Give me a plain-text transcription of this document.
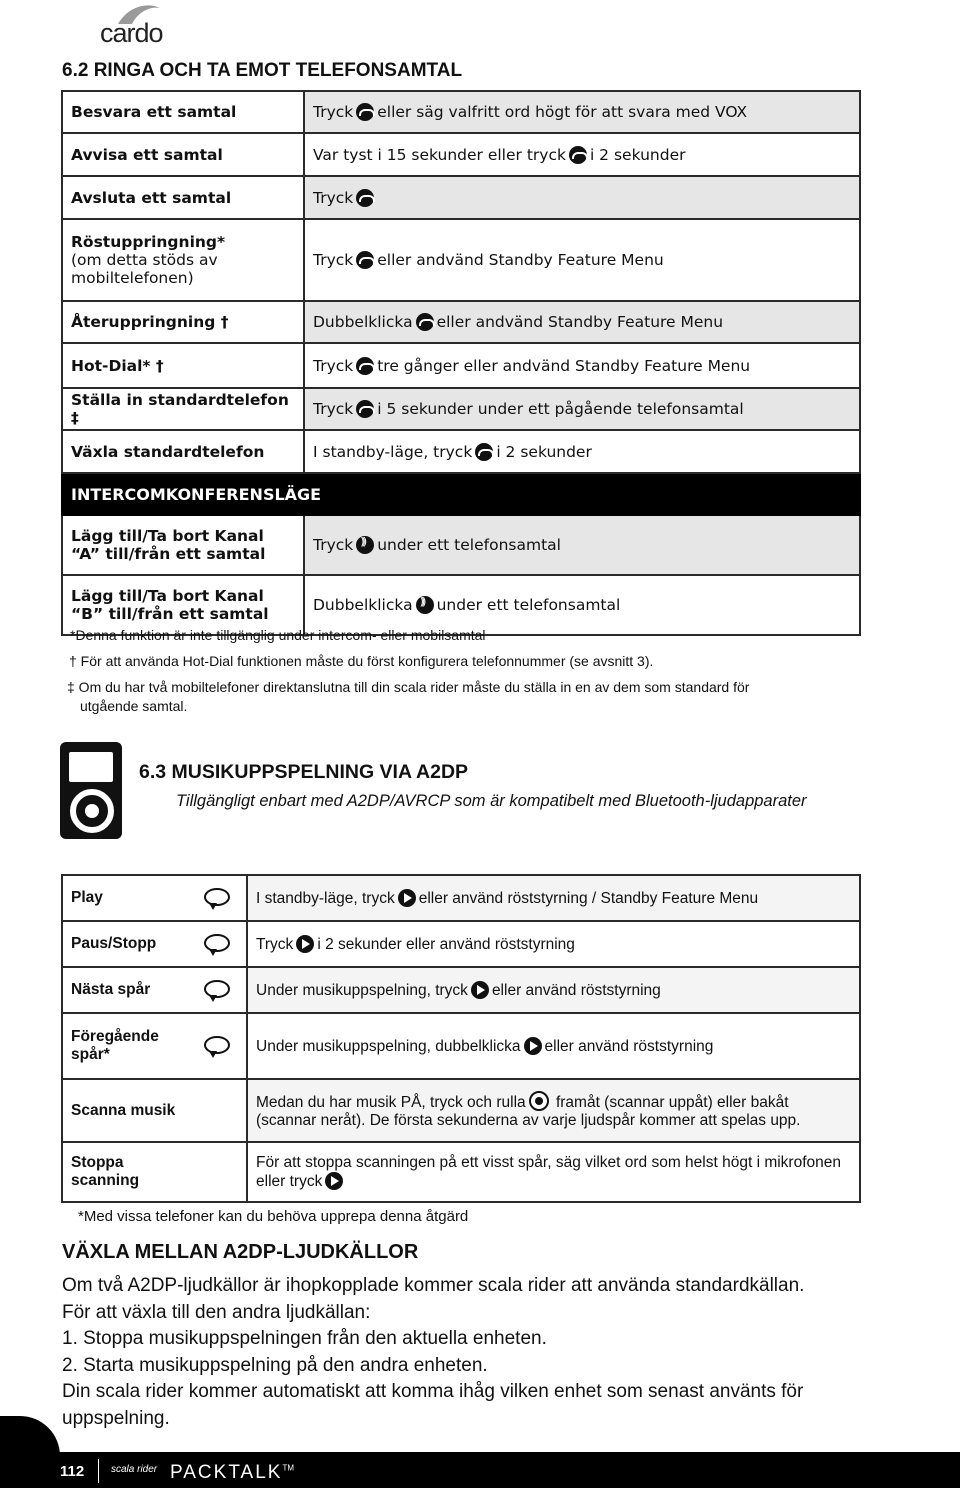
cardo
6.2 RINGA OCH TA EMOT TELEFONSAMTAL
Besvara ett samtal	Tryck eller säg valfritt ord högt för att svara med VOX

Avvisa ett samtal	Var tyst i 15 sekunder eller tryck i 2 sekunder

Avsluta ett samtal	Tryck

Röstuppringning*
(om detta stöds av mobiltelefonen)	Tryck eller andvänd Standby Feature Menu

Återuppringning †	Dubbelklicka eller andvänd Standby Feature Menu

Hot-Dial* †	Tryck tre gånger eller andvänd Standby Feature Menu

Ställa in standardtelefon ‡	Tryck i 5 sekunder under ett pågående telefonsamtal

Växla standardtelefon	I standby-läge, tryck i 2 sekunder
INTERCOMKONFERENSLÄGE	
Lägg till/Ta bort Kanal “A” till/från ett samtal	Tryck ))) under ett telefonsamtal
Lägg till/Ta bort Kanal “B” till/från ett samtal	Dubbelklicka ))) under ett telefonsamtal
*Denna funktion är inte tillgänglig under intercom- eller mobilsamtal
† För att använda Hot-Dial funktionen måste du först konfigurera telefonnummer (se avsnitt 3).
‡ Om du har två mobiltelefoner direktanslutna till din scala rider måste du ställa in en av dem som standard för
utgående samtal.
6.3 MUSIKUPPSPELNING VIA A2DP
Tillgängligt enbart med A2DP/AVRCP som är kompatibelt med Bluetooth-ljudapparater
Play	I standby-läge, tryck eller använd röststyrning / Standby Feature Menu

Paus/Stopp	Tryck i 2 sekunder eller använd röststyrning

Nästa spår	Under musikuppspelning, tryck eller använd röststyrning

Föregående spår*	Under musikuppspelning, dubbelklicka eller använd röststyrning

Scanna musik	Medan du har musik PÅ, tryck och rulla framåt (scannar uppåt) eller bakåt (scannar neråt). De första sekunderna av varje ljudspår kommer att spelas upp.

Stoppa scanning	För att stoppa scanningen på ett visst spår, säg vilket ord som helst högt i mikrofonen eller tryck
*Med vissa telefoner kan du behöva upprepa denna åtgärd
VÄXLA MELLAN A2DP-LJUDKÄLLOR
Om två A2DP-ljudkällor är ihopkopplade kommer scala rider att använda standardkällan.
För att växla till den andra ljudkällan:
1. Stoppa musikuppspelningen från den aktuella enheten.
2. Starta musikuppspelning på den andra enheten.
Din scala rider kommer automatiskt att komma ihåg vilken enhet som senast använts för uppspelning.
112	scala rider PACKTALK™
